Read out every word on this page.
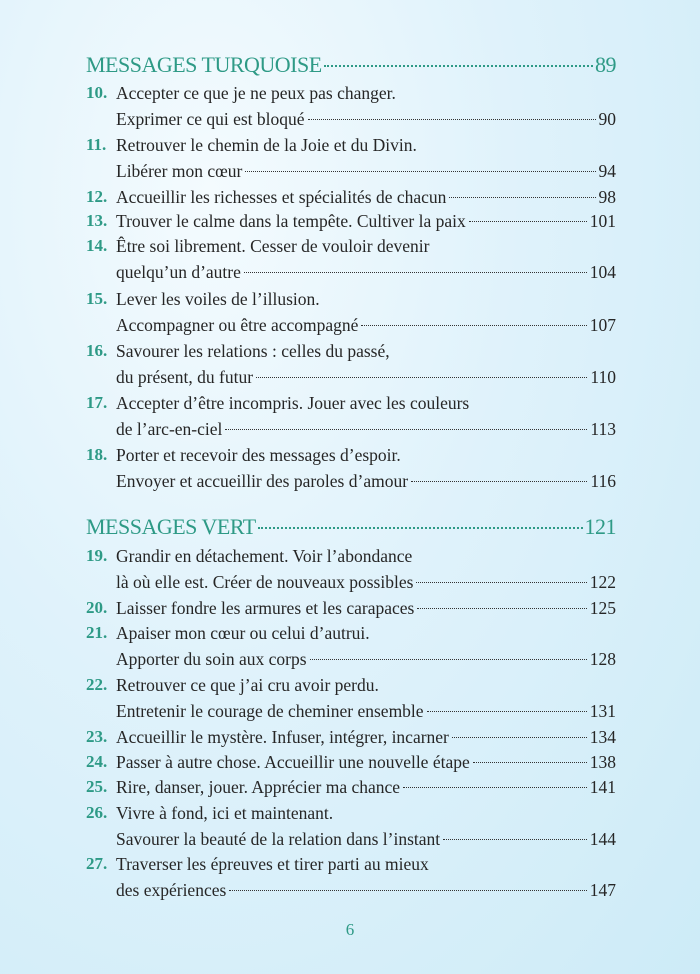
MESSAGES TURQUOISE	89
10. Accepter ce que je ne peux pas changer.
Exprimer ce qui est bloqué	90
11. Retrouver le chemin de la Joie et du Divin.
Libérer mon cœur	94
12. Accueillir les richesses et spécialités de chacun	98
13. Trouver le calme dans la tempête. Cultiver la paix	101
14. Être soi librement. Cesser de vouloir devenir
quelqu’un d’autre	104
15. Lever les voiles de l’illusion.
Accompagner ou être accompagné	107
16. Savourer les relations : celles du passé,
du présent, du futur	110
17. Accepter d’être incompris. Jouer avec les couleurs
de l’arc-en-ciel	113
18. Porter et recevoir des messages d’espoir.
Envoyer et accueillir des paroles d’amour	116
MESSAGES VERT	121
19. Grandir en détachement. Voir l’abondance
là où elle est. Créer de nouveaux possibles	122
20. Laisser fondre les armures et les carapaces	125
21. Apaiser mon cœur ou celui d’autrui.
Apporter du soin aux corps	128
22. Retrouver ce que j’ai cru avoir perdu.
Entretenir le courage de cheminer ensemble	131
23. Accueillir le mystère. Infuser, intégrer, incarner	134
24. Passer à autre chose. Accueillir une nouvelle étape	138
25. Rire, danser, jouer. Apprécier ma chance	141
26. Vivre à fond, ici et maintenant.
Savourer la beauté de la relation dans l’instant	144
27. Traverser les épreuves et tirer parti au mieux
des expériences	147
6
